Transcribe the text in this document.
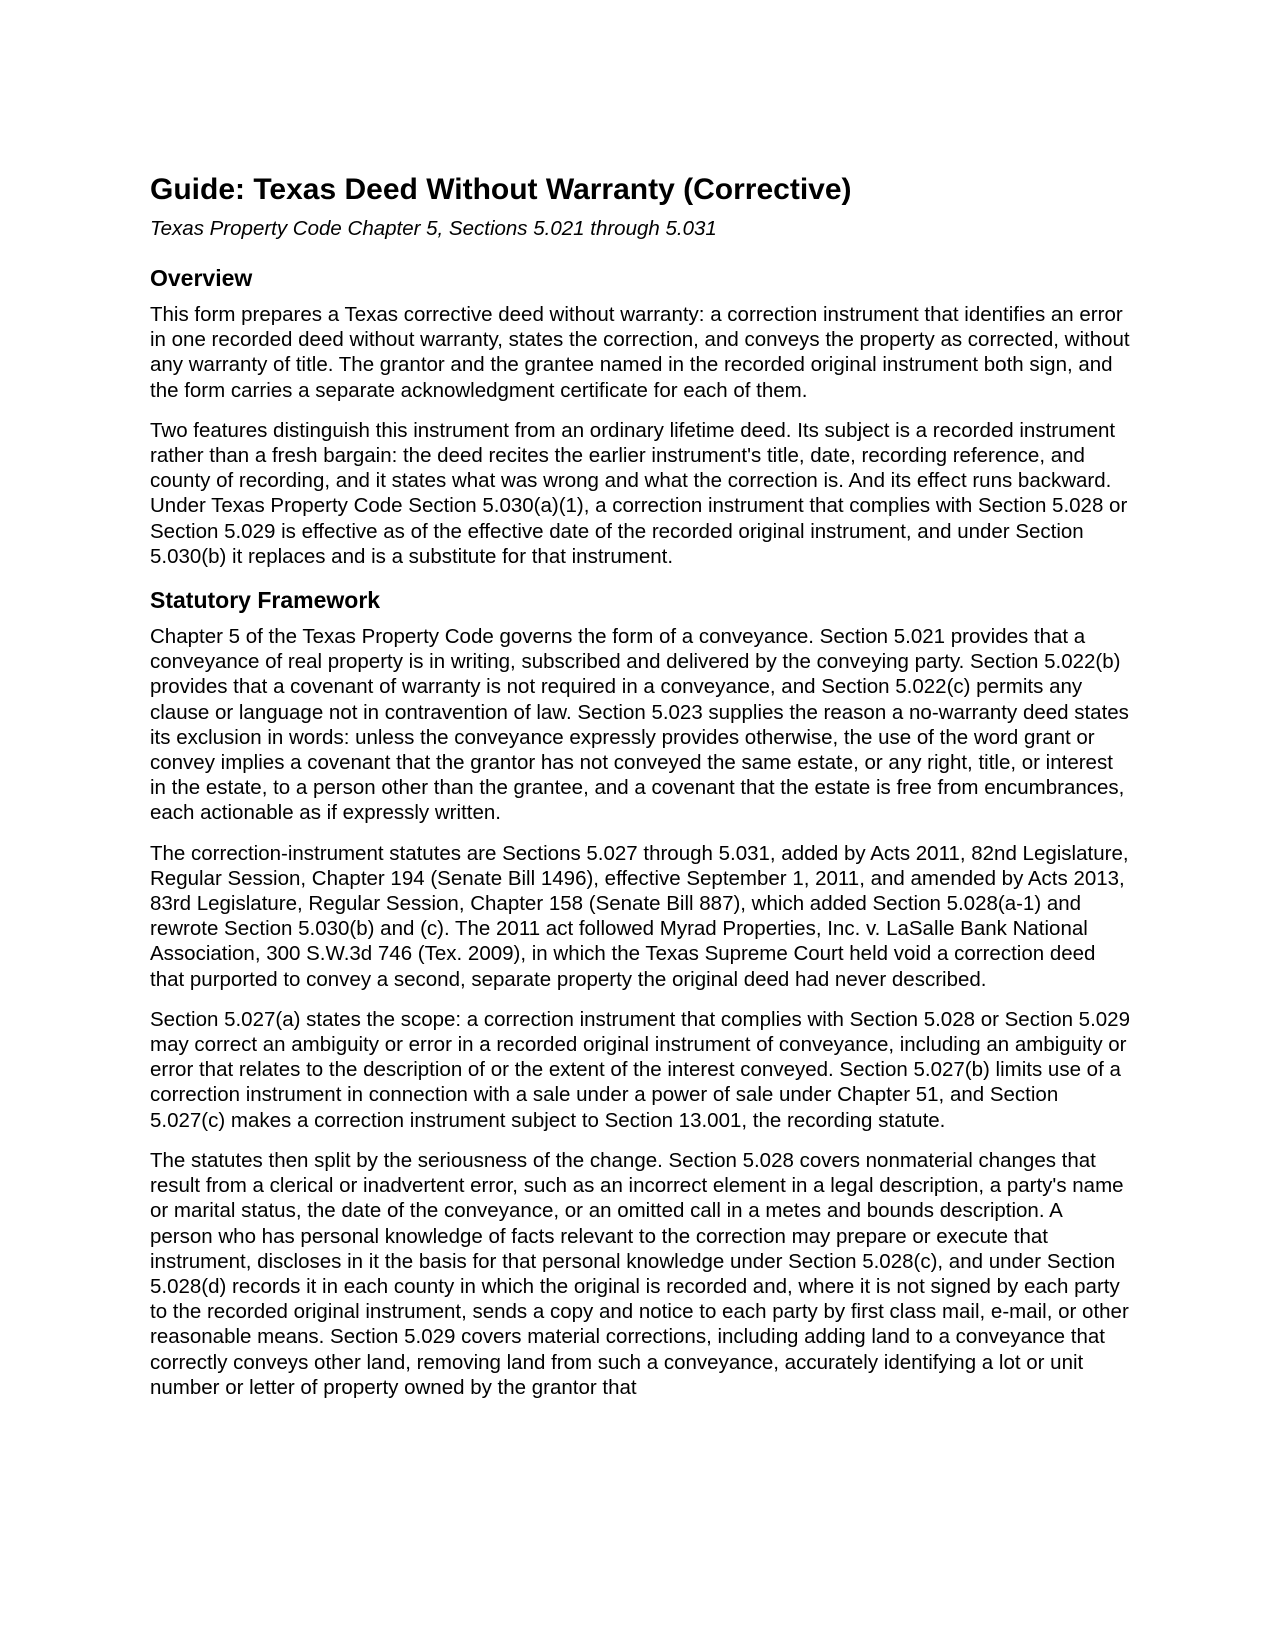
Guide: Texas Deed Without Warranty (Corrective)
Texas Property Code Chapter 5, Sections 5.021 through 5.031
Overview

This form prepares a Texas corrective deed without warranty: a correction instrument that identifies an error in one recorded deed without warranty, states the correction, and conveys the property as corrected, without any warranty of title. The grantor and the grantee named in the recorded original instrument both sign, and the form carries a separate acknowledgment certificate for each of them.

Two features distinguish this instrument from an ordinary lifetime deed. Its subject is a recorded instrument rather than a fresh bargain: the deed recites the earlier instrument's title, date, recording reference, and county of recording, and it states what was wrong and what the correction is. And its effect runs backward. Under Texas Property Code Section 5.030(a)(1), a correction instrument that complies with Section 5.028 or Section 5.029 is effective as of the effective date of the recorded original instrument, and under Section 5.030(b) it replaces and is a substitute for that instrument.

Statutory Framework

Chapter 5 of the Texas Property Code governs the form of a conveyance. Section 5.021 provides that a conveyance of real property is in writing, subscribed and delivered by the conveying party. Section 5.022(b) provides that a covenant of warranty is not required in a conveyance, and Section 5.022(c) permits any clause or language not in contravention of law. Section 5.023 supplies the reason a no-warranty deed states its exclusion in words: unless the conveyance expressly provides otherwise, the use of the word grant or convey implies a covenant that the grantor has not conveyed the same estate, or any right, title, or interest in the estate, to a person other than the grantee, and a covenant that the estate is free from encumbrances, each actionable as if expressly written.

The correction-instrument statutes are Sections 5.027 through 5.031, added by Acts 2011, 82nd Legislature, Regular Session, Chapter 194 (Senate Bill 1496), effective September 1, 2011, and amended by Acts 2013, 83rd Legislature, Regular Session, Chapter 158 (Senate Bill 887), which added Section 5.028(a-1) and rewrote Section 5.030(b) and (c). The 2011 act followed Myrad Properties, Inc. v. LaSalle Bank National Association, 300 S.W.3d 746 (Tex. 2009), in which the Texas Supreme Court held void a correction deed that purported to convey a second, separate property the original deed had never described.

Section 5.027(a) states the scope: a correction instrument that complies with Section 5.028 or Section 5.029 may correct an ambiguity or error in a recorded original instrument of conveyance, including an ambiguity or error that relates to the description of or the extent of the interest conveyed. Section 5.027(b) limits use of a correction instrument in connection with a sale under a power of sale under Chapter 51, and Section 5.027(c) makes a correction instrument subject to Section 13.001, the recording statute.

The statutes then split by the seriousness of the change. Section 5.028 covers nonmaterial changes that result from a clerical or inadvertent error, such as an incorrect element in a legal description, a party's name or marital status, the date of the conveyance, or an omitted call in a metes and bounds description. A person who has personal knowledge of facts relevant to the correction may prepare or execute that instrument, discloses in it the basis for that personal knowledge under Section 5.028(c), and under Section 5.028(d) records it in each county in which the original is recorded and, where it is not signed by each party to the recorded original instrument, sends a copy and notice to each party by first class mail, e-mail, or other reasonable means. Section 5.029 covers material corrections, including adding land to a conveyance that correctly conveys other land, removing land from such a conveyance, accurately identifying a lot or unit number or letter of property owned by the grantor that
